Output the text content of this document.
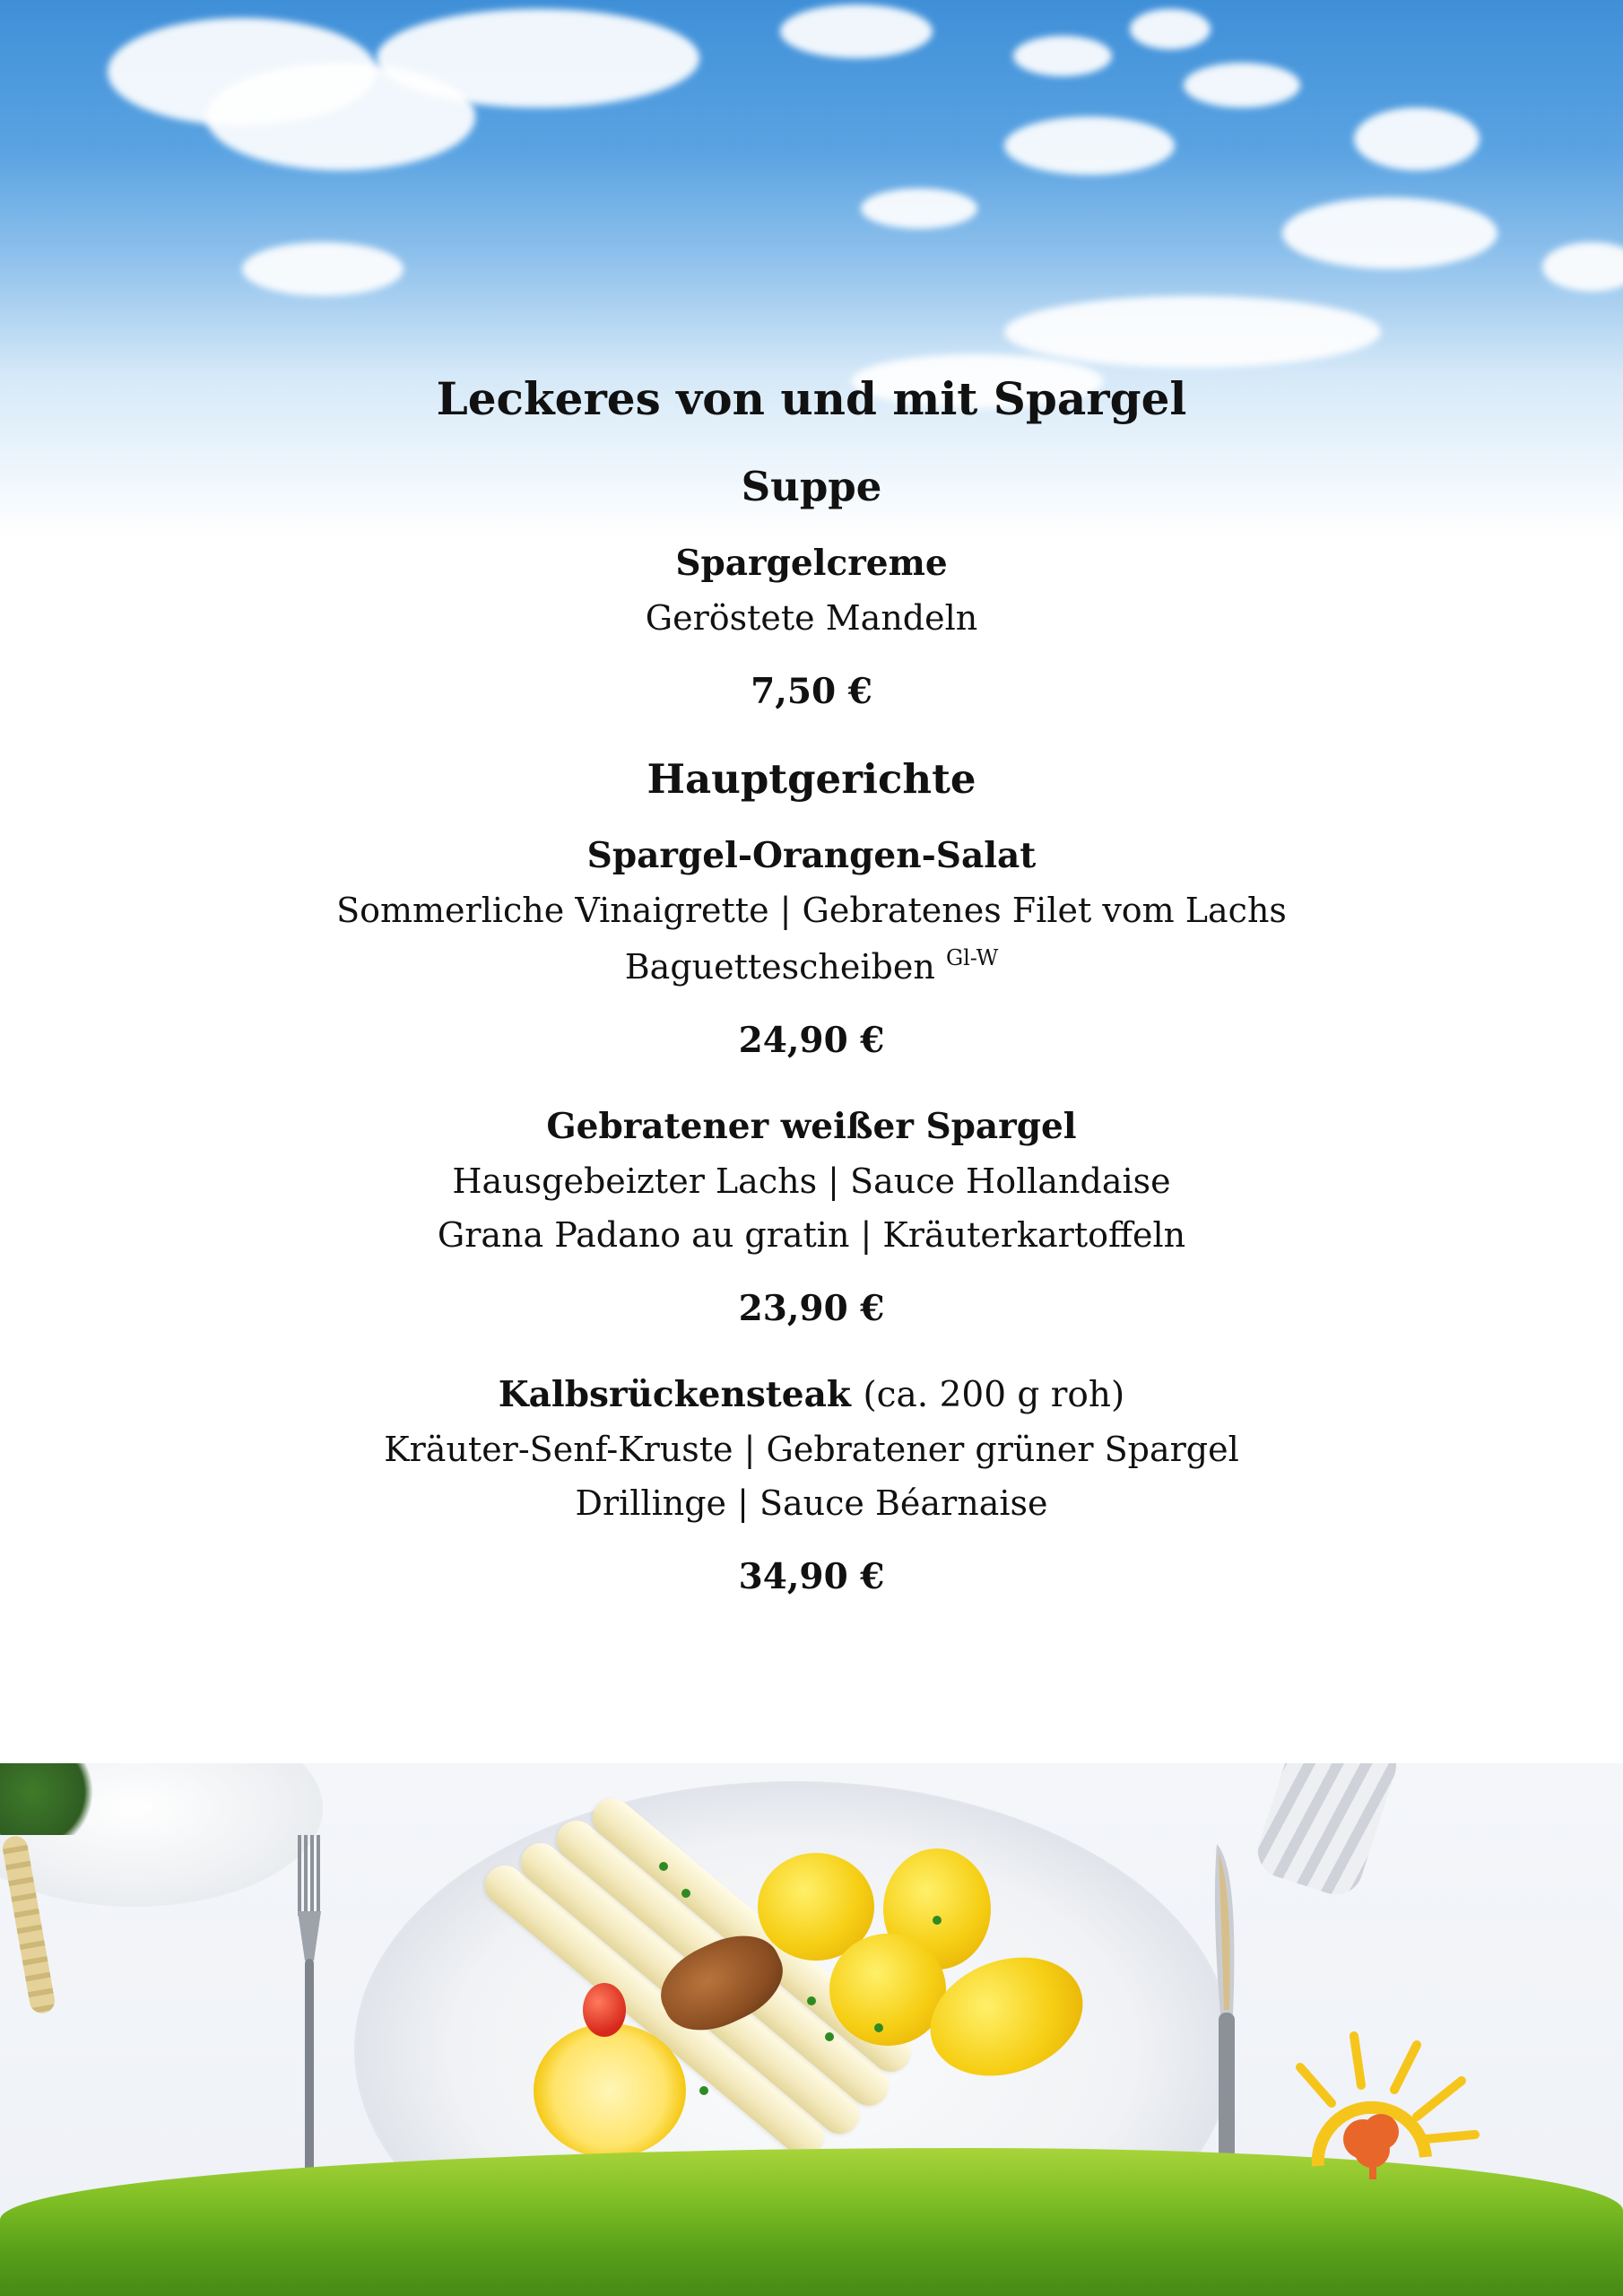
Leckeres von und mit Spargel
Suppe
Spargelcreme
Geröstete Mandeln
7,50 €
Hauptgerichte
Spargel-Orangen-Salat
Sommerliche Vinaigrette | Gebratenes Filet vom Lachs
Baguettescheiben $^{Gl-W}$
24,90 €
Gebratener weißer Spargel
Hausgebeizter Lachs | Sauce Hollandaise
Grana Padano au gratin | Kräuterkartoffeln
23,90 €
Kalbsrückensteak (ca. 200 g roh)
Kräuter-Senf-Kruste | Gebratener grüner Spargel
Drillinge | Sauce Béarnaise
34,90 €
